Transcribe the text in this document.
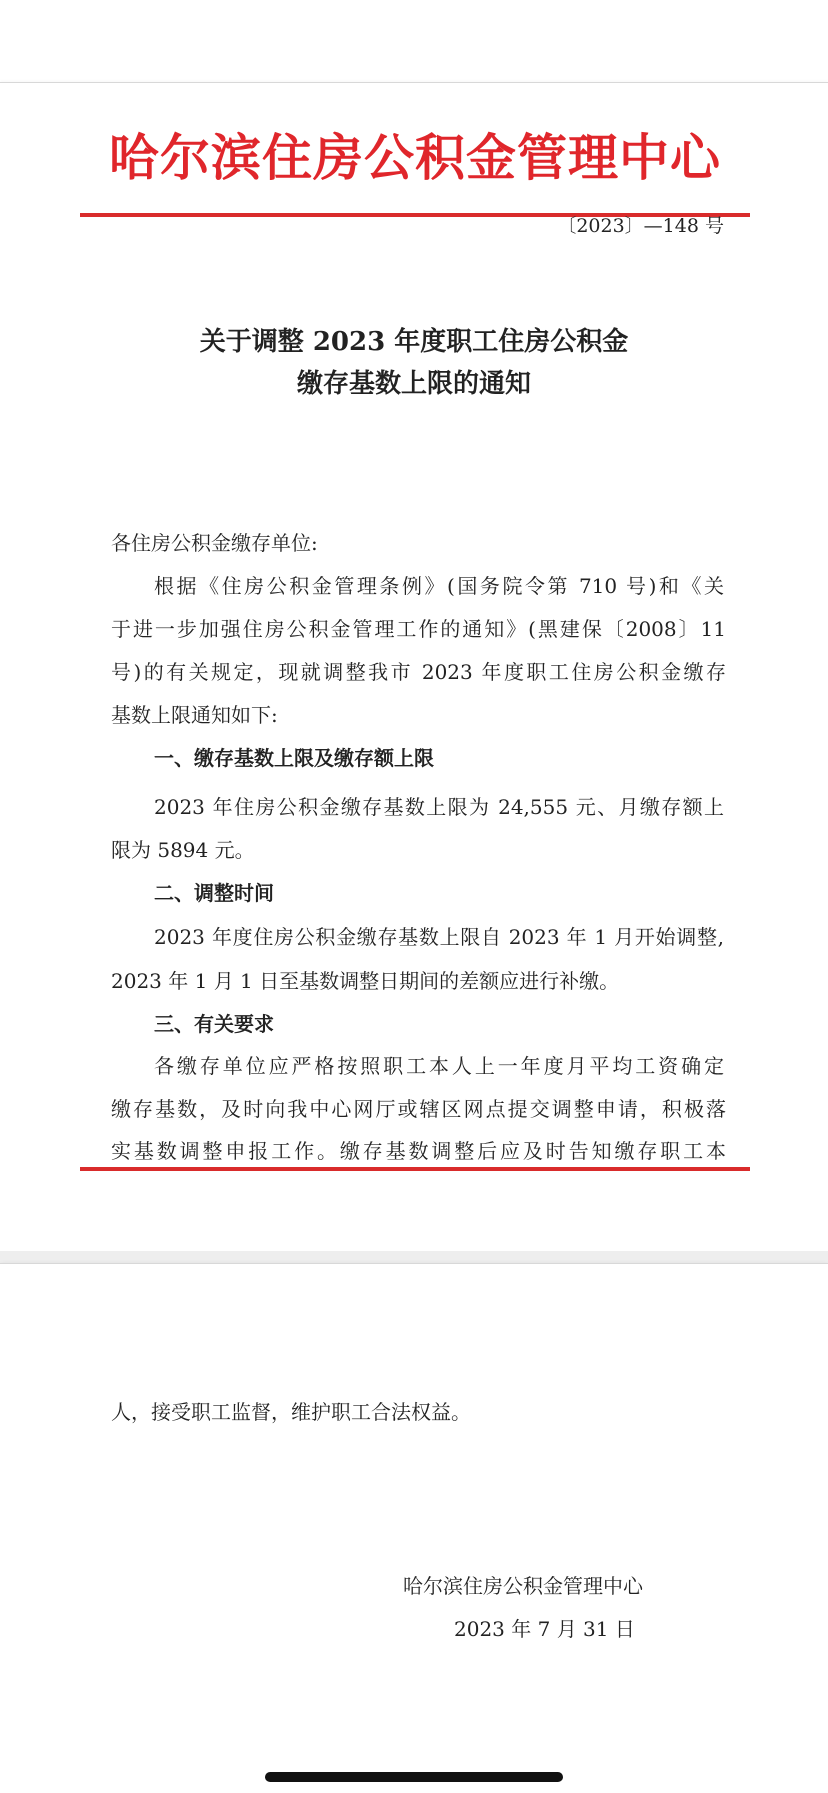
哈尔滨住房公积金管理中心
〔2023〕—148 号
关于调整 2023 年度职工住房公积金
缴存基数上限的通知
各住房公积金缴存单位:
根据《住房公积金管理条例》(国务院令第 710 号)和《关
于进一步加强住房公积金管理工作的通知》(黑建保〔2008〕11
号)的有关规定，现就调整我市 2023 年度职工住房公积金缴存
基数上限通知如下:
一、缴存基数上限及缴存额上限
2023 年住房公积金缴存基数上限为 24,555 元、月缴存额上
限为 5894 元。
二、调整时间
2023 年度住房公积金缴存基数上限自 2023 年 1 月开始调整,
2023 年 1 月 1 日至基数调整日期间的差额应进行补缴。
三、有关要求
各缴存单位应严格按照职工本人上一年度月平均工资确定
缴存基数，及时向我中心网厅或辖区网点提交调整申请，积极落
实基数调整申报工作。缴存基数调整后应及时告知缴存职工本
人，接受职工监督，维护职工合法权益。
哈尔滨住房公积金管理中心
2023 年 7 月 31 日
